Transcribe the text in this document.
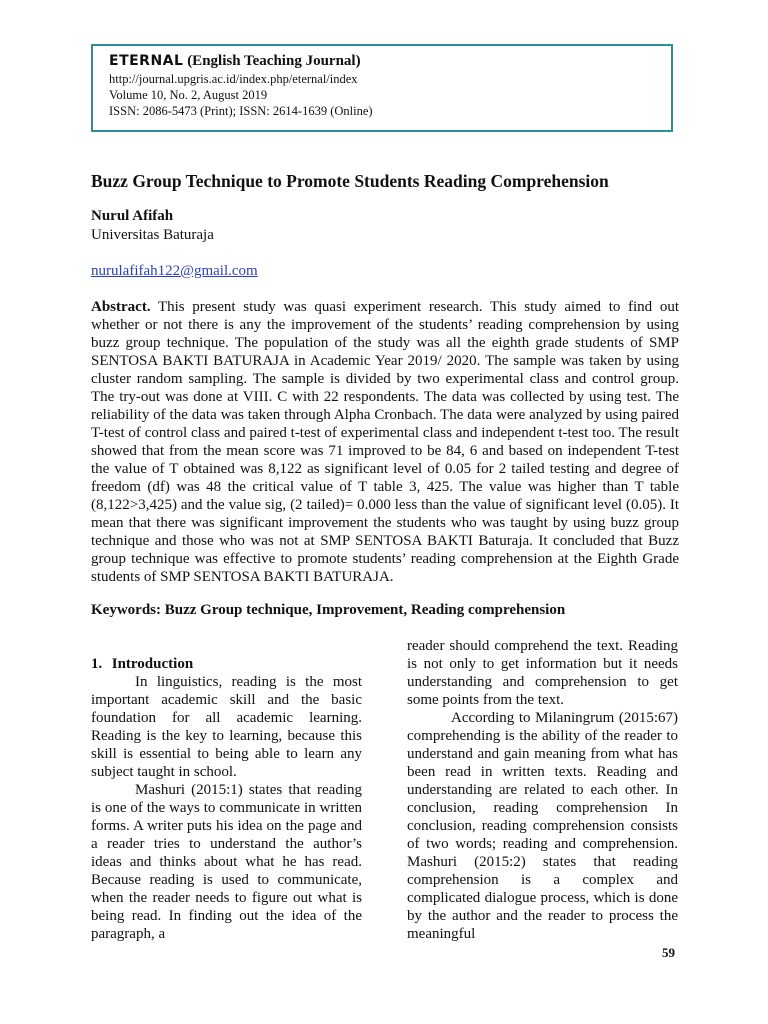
ETERNAL (English Teaching Journal)
http://journal.upgris.ac.id/index.php/eternal/index
Volume 10, No. 2, August 2019
ISSN: 2086-5473 (Print); ISSN: 2614-1639 (Online)
Buzz Group Technique to Promote Students Reading Comprehension
Nurul Afifah
Universitas Baturaja
nurulafifah122@gmail.com

Abstract. This present study was quasi experiment research. This study aimed to find out whether or not there is any the improvement of the students’ reading comprehension by using buzz group technique. The population of the study was all the eighth grade students of SMP SENTOSA BAKTI BATURAJA in Academic Year 2019/ 2020. The sample was taken by using cluster random sampling. The sample is divided by two experimental class and control group. The try-out was done at VIII. C with 22 respondents. The data was collected by using test. The reliability of the data was taken through Alpha Cronbach. The data were analyzed by using paired T-test of control class and paired t-test of experimental class and independent t-test too. The result showed that from the mean score was 71 improved to be 84, 6 and based on independent T-test the value of T obtained was 8,122 as significant level of 0.05 for 2 tailed testing and degree of freedom (df) was 48 the critical value of T table 3, 425. The value was higher than T table (8,122>3,425) and the value sig, (2 tailed)= 0.000 less than the value of significant level (0.05). It mean that there was significant improvement the students who was taught by using buzz group technique and those who was not at SMP SENTOSA BAKTI Baturaja. It concluded that Buzz group technique was effective to promote students’ reading comprehension at the Eighth Grade students of SMP SENTOSA BAKTI BATURAJA.

Keywords: Buzz Group technique, Improvement, Reading comprehension

1. Introduction

In linguistics, reading is the most important academic skill and the basic foundation for all academic learning. Reading is the key to learning, because this skill is essential to being able to learn any subject taught in school.

Mashuri (2015:1) states that reading is one of the ways to communicate in written forms. A writer puts his idea on the page and a reader tries to understand the author’s ideas and thinks about what he has read. Because reading is used to communicate, when the reader needs to figure out what is being read. In finding out the idea of the paragraph, a

reader should comprehend the text. Reading is not only to get information but it needs understanding and comprehension to get some points from the text.

According to Milaningrum (2015:67) comprehending is the ability of the reader to understand and gain meaning from what has been read in written texts. Reading and understanding are related to each other. In conclusion, reading comprehension In conclusion, reading comprehension consists of two words; reading and comprehension. Mashuri (2015:2) states that reading comprehension is a complex and complicated dialogue process, which is done by the author and the reader to process the meaningful

59
